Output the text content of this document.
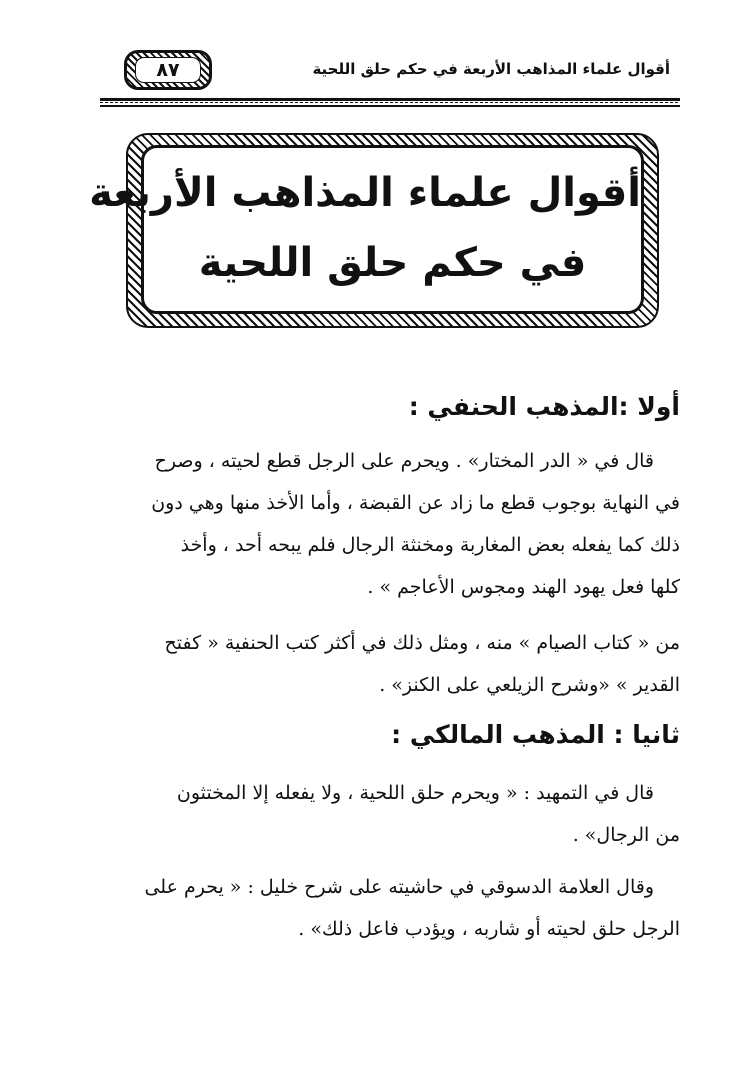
٨٧	أقوال علماء المذاهب الأربعة في حكم حلق اللحية
أقوال علماء المذاهب الأربعة
في حكم حلق اللحية
أولا :المذهب الحنفي :
قال في « الدر المختار» . ويحرم على الرجل قطع لحيته ، وصرح
في النهاية بوجوب قطع ما زاد عن القبضة ، وأما الأخذ منها وهي دون
ذلك كما يفعله بعض المغاربة ومخنثة الرجال فلم يبحه أحد ، وأخذ
كلها فعل يهود الهند ومجوس الأعاجم » .
من « كتاب الصيام » منه ، ومثل ذلك في أكثر كتب الحنفية « كفتح
القدير » «وشرح الزيلعي على الكنز» .
ثانيا : المذهب المالكي :
قال في التمهيد : « ويحرم حلق اللحية ، ولا يفعله إلا المختثون
من الرجال» .
وقال العلامة الدسوقي في حاشيته على شرح خليل : « يحرم على
الرجل حلق لحيته أو شاربه ، ويؤدب فاعل ذلك» .
